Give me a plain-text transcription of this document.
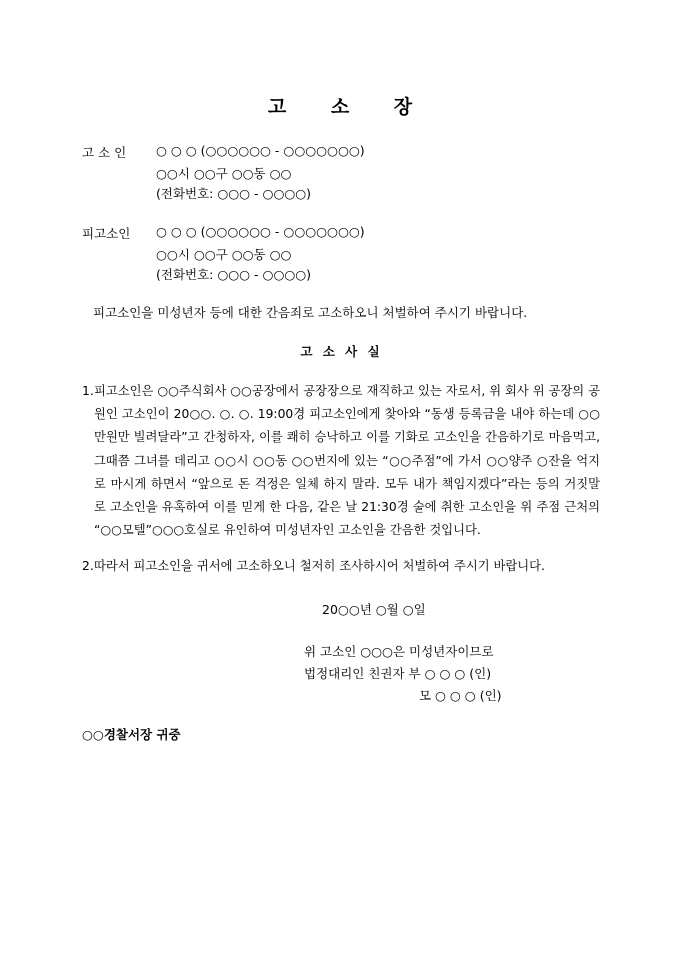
고 소 장
고 소 인 ○ ○ ○ (○○○○○○ - ○○○○○○○)
○○시 ○○구 ○○동 ○○
(전화번호: ○○○ - ○○○○)
피고소인 ○ ○ ○ (○○○○○○ - ○○○○○○○)
○○시 ○○구 ○○동 ○○
(전화번호: ○○○ - ○○○○)
피고소인을 미성년자 등에 대한 간음죄로 고소하오니 처벌하여 주시기 바랍니다.
고 소 사 실
1. 피고소인은 ○○주식회사 ○○공장에서 공장장으로 재직하고 있는 자로서, 위 회사 위 공장의 공원인 고소인이 20○○. ○. ○. 19:00경 피고소인에게 찾아와 “동생 등록금을 내야 하는데 ○○만원만 빌려달라”고 간청하자, 이를 쾌히 승낙하고 이를 기화로 고소인을 간음하기로 마음먹고, 그때쯤 그녀를 데리고 ○○시 ○○동 ○○번지에 있는 “○○주점”에 가서 ○○양주 ○잔을 억지로 마시게 하면서 “앞으로 돈 걱정은 일체 하지 말라. 모두 내가 책임지겠다”라는 등의 거짓말로 고소인을 유혹하여 이를 믿게 한 다음, 같은 날 21:30경 술에 취한 고소인을 위 주점 근처의 “○○모텔”○○○호실로 유인하여 미성년자인 고소인을 간음한 것입니다.
2. 따라서 피고소인을 귀서에 고소하오니 철저히 조사하시어 처벌하여 주시기 바랍니다.
20○○년 ○월 ○일
위 고소인 ○○○은 미성년자이므로
법정대리인 친권자 부 ○ ○ ○ (인)
모 ○ ○ ○ (인)
○○경찰서장 귀중
